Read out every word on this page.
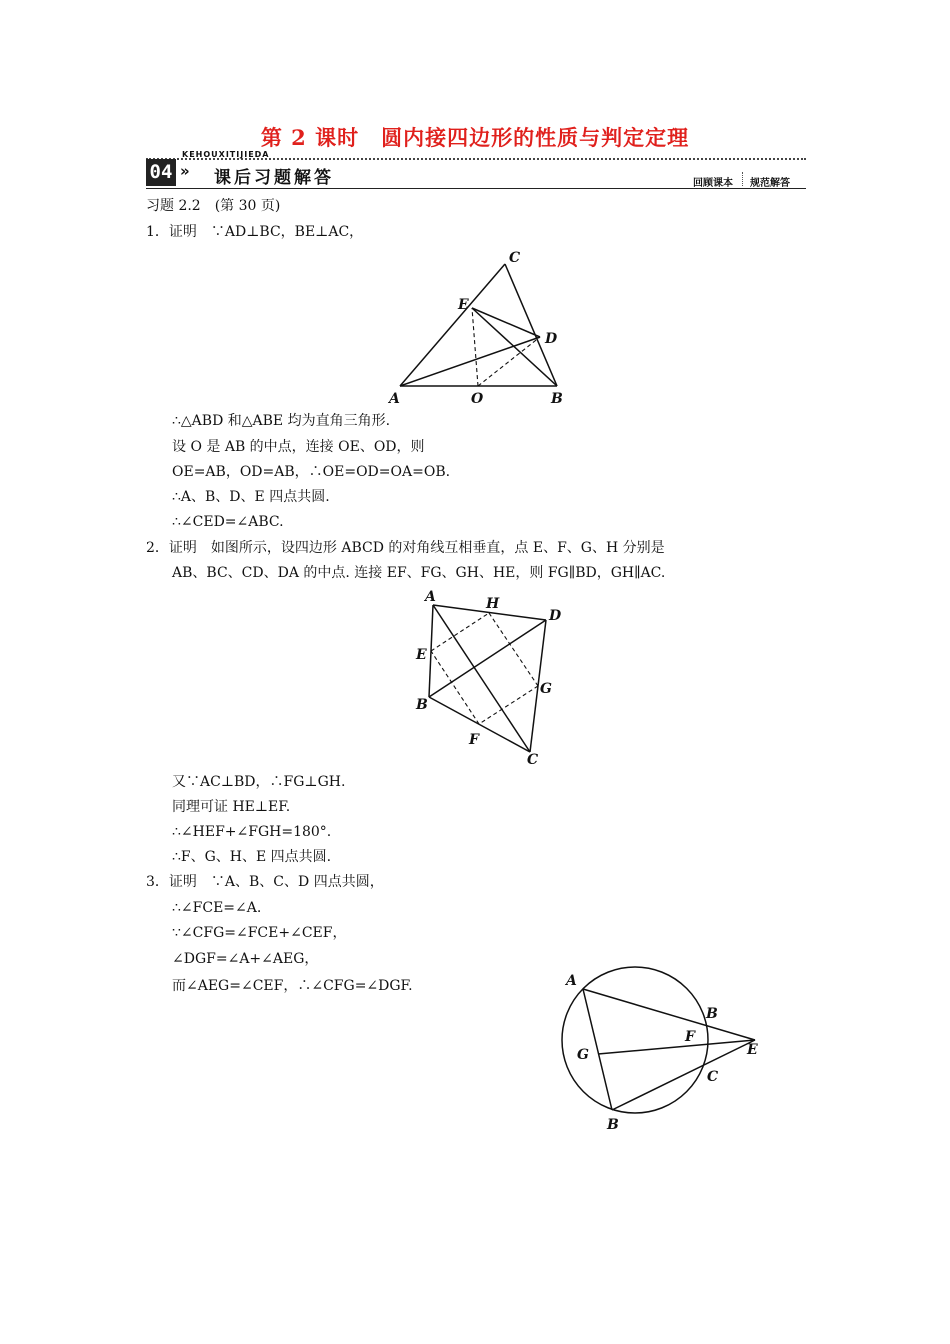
第 2 课时　圆内接四边形的性质与判定定理
KEHOUXITIJIEDA
04 » 课后习题解答	回顾课本 规范解答
习题 2.2　(第 30 页)
1．证明　∵AD⊥BC，BE⊥AC，
C
E
D
A	O	B
∴△ABD 和△ABE 均为直角三角形.
设 O 是 AB 的中点，连接 OE、OD，则
OE=AB，OD=AB，∴OE=OD=OA=OB.
∴A、B、D、E 四点共圆.
∴∠CED=∠ABC.
2．证明　如图所示，设四边形 ABCD 的对角线互相垂直，点 E、F、G、H 分别是
AB、BC、CD、DA 的中点. 连接 EF、FG、GH、HE，则 FG∥BD，GH∥AC.
A	H
D
E
G
B
F
C
又∵AC⊥BD，∴FG⊥GH.
同理可证 HE⊥EF.
∴∠HEF+∠FGH=180°.
∴F、G、H、E 四点共圆.
3．证明　∵A、B、C、D 四点共圆，
∴∠FCE=∠A.
∵∠CFG=∠FCE+∠CEF，
∠DGF=∠A+∠AEG，
而∠AEG=∠CEF，∴∠CFG=∠DGF.	A
B
F
E
G
C
B
